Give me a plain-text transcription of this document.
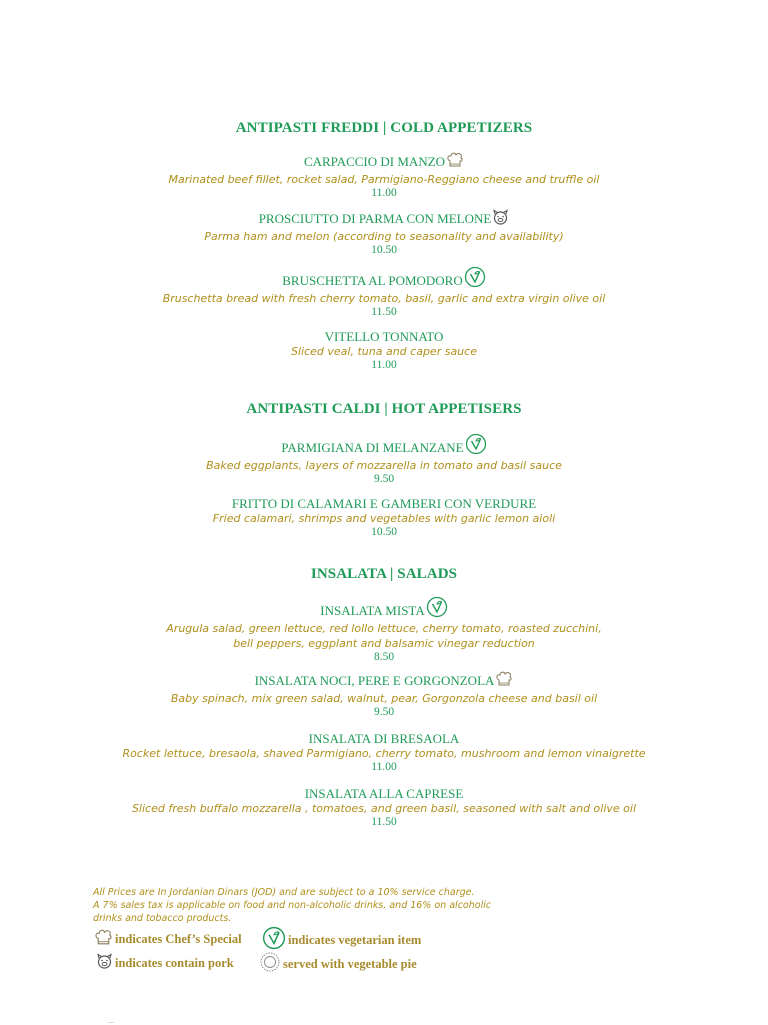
ANTIPASTI FREDDI | COLD APPETIZERS
CARPACCIO DI MANZO
Marinated beef fillet, rocket salad, Parmigiano-Reggiano cheese and truffle oil
11.00
PROSCIUTTO DI PARMA CON MELONE
Parma ham and melon (according to seasonality and availability)
10.50
BRUSCHETTA AL POMODORO
Bruschetta bread with fresh cherry tomato, basil, garlic and extra virgin olive oil
11.50
VITELLO TONNATO
Sliced veal, tuna and caper sauce
11.00
ANTIPASTI CALDI | HOT APPETISERS
PARMIGIANA DI MELANZANE
Baked eggplants, layers of mozzarella in tomato and basil sauce
9.50
FRITTO DI CALAMARI E GAMBERI CON VERDURE
Fried calamari, shrimps and vegetables with garlic lemon aioli
10.50
INSALATA | SALADS
INSALATA MISTA
Arugula salad, green lettuce, red lollo lettuce, cherry tomato, roasted zucchini,
bell peppers, eggplant and balsamic vinegar reduction
8.50
INSALATA NOCI, PERE E GORGONZOLA
Baby spinach, mix green salad, walnut, pear, Gorgonzola cheese and basil oil
9.50
INSALATA DI BRESAOLA
Rocket lettuce, bresaola, shaved Parmigiano, cherry tomato, mushroom and lemon vinaigrette
11.00
INSALATA ALLA CAPRESE
Sliced fresh buffalo mozzarella , tomatoes, and green basil, seasoned with salt and olive oil
11.50
All Prices are In Jordanian Dinars (JOD) and are subject to a 10% service charge.
A 7% sales tax is applicable on food and non-alcoholic drinks, and 16% on alcoholic
drinks and tobacco products.
indicates Chef’s Special	indicates vegetarian item
indicates contain pork	served with vegetable pie
...
